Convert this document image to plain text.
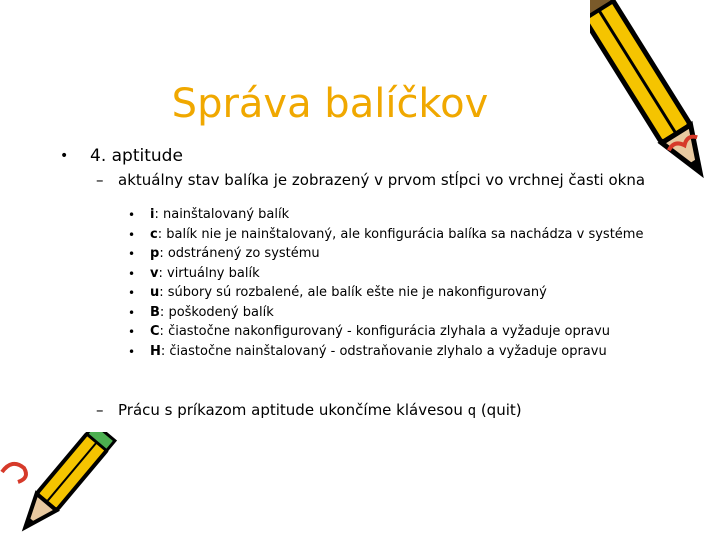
Správa balíčkov
• 4. aptitude
– aktuálny stav balíka je zobrazený v prvom stĺpci vo vrchnej časti okna
• i: nainštalovaný balík
• c: balík nie je nainštalovaný, ale konfigurácia balíka sa nachádza v systéme
• p: odstránený zo systému
• v: virtuálny balík
• u: súbory sú rozbalené, ale balík ešte nie je nakonfigurovaný
• B: poškodený balík
• C: čiastočne nakonfigurovaný - konfigurácia zlyhala a vyžaduje opravu
• H: čiastočne nainštalovaný - odstraňovanie zlyhalo a vyžaduje opravu
– Prácu s príkazom aptitude ukončíme klávesou q (quit)
